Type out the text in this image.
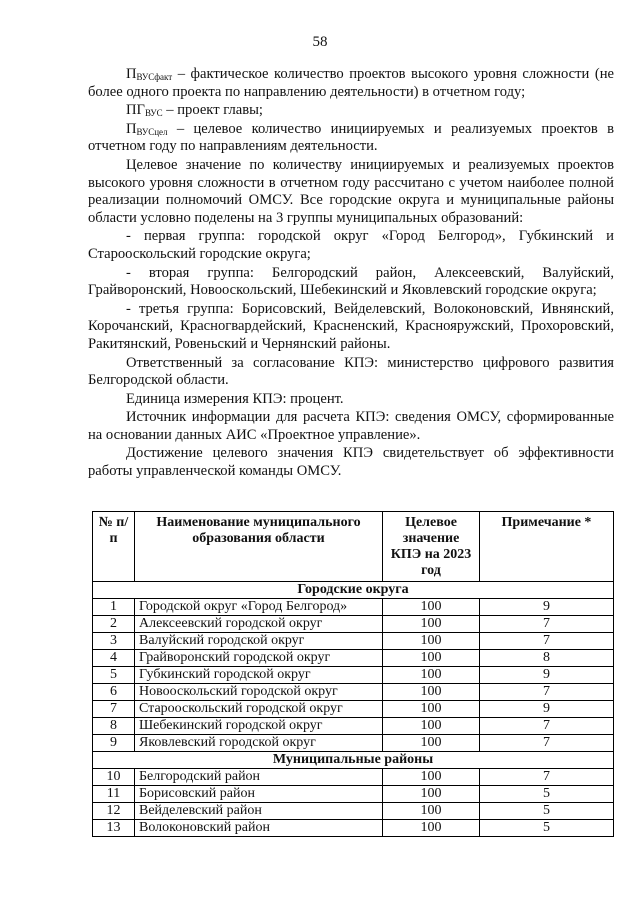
58

$П_{ВУСфакт}$ – фактическое количество проектов высокого уровня сложности (не более одного проекта по направлению деятельности) в отчетном году;

$ПГ_{ВУС}$ – проект главы;

$П_{ВУСцел}$ – целевое количество инициируемых и реализуемых проектов в отчетном году по направлениям деятельности.

Целевое значение по количеству инициируемых и реализуемых проектов высокого уровня сложности в отчетном году рассчитано с учетом наиболее полной реализации полномочий ОМСУ. Все городские округа и муниципальные районы области условно поделены на 3 группы муниципальных образований:

- первая группа: городской округ «Город Белгород», Губкинский и Старооскольский городские округа;

- вторая группа: Белгородский район, Алексеевский, Валуйский, Грайворонский, Новооскольский, Шебекинский и Яковлевский городские округа;

- третья группа: Борисовский, Вейделевский, Волоконовский, Ивнянский, Корочанский, Красногвардейский, Красненский, Краснояружский, Прохоровский, Ракитянский, Ровеньский и Чернянский районы.

Ответственный за согласование КПЭ: министерство цифрового развития Белгородской области.

Единица измерения КПЭ: процент.

Источник информации для расчета КПЭ: сведения ОМСУ, сформированные на основании данных АИС «Проектное управление».

Достижение целевого значения КПЭ свидетельствует об эффективности работы управленческой команды ОМСУ.

№ п/п	Наименование муниципального образования области	Целевое значение КПЭ на 2023 год	Примечание *
Городские округа			
1	Городской округ «Город Белгород»	100	9
2	Алексеевский городской округ	100	7
3	Валуйский городской округ	100	7
4	Грайворонский городской округ	100	8
5	Губкинский городской округ	100	9
6	Новооскольский городской округ	100	7
7	Старооскольский городской округ	100	9
8	Шебекинский городской округ	100	7
9	Яковлевский городской округ	100	7
Муниципальные районы			
10	Белгородский район	100	7
11	Борисовский район	100	5
12	Вейделевский район	100	5
13	Волоконовский район	100	5
